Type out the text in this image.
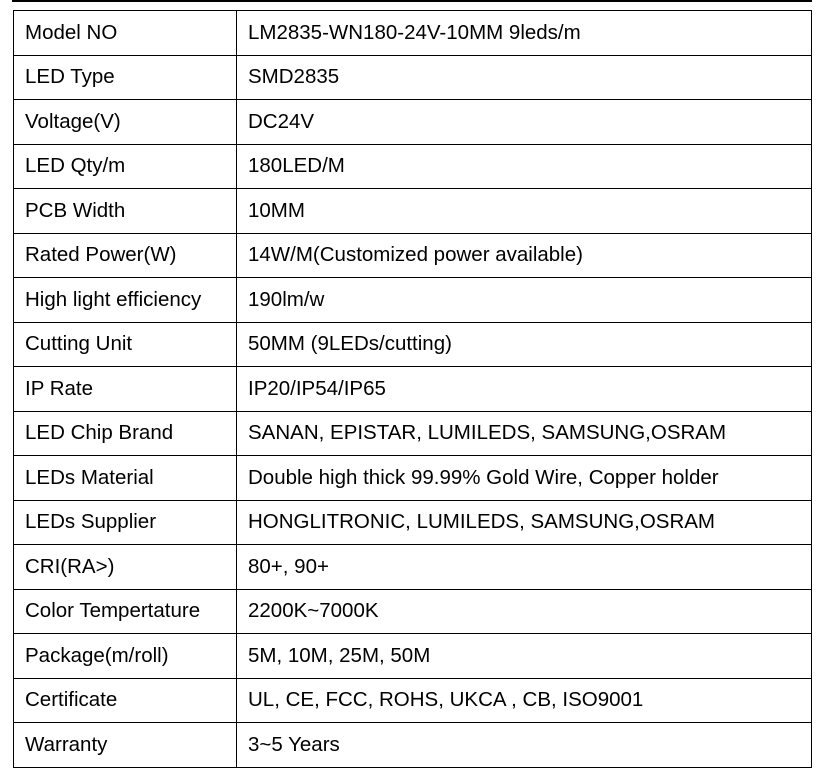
Model NO	LM2835-WN180-24V-10MM 9leds/m
LED Type	SMD2835
Voltage(V)	DC24V
LED Qty/m	180LED/M
PCB Width	10MM
Rated Power(W)	14W/M(Customized power available)
High light efficiency	190lm/w
Cutting Unit	50MM (9LEDs/cutting)
IP Rate	IP20/IP54/IP65
LED Chip Brand	SANAN, EPISTAR, LUMILEDS, SAMSUNG,OSRAM
LEDs Material	Double high thick 99.99% Gold Wire, Copper holder
LEDs Supplier	HONGLITRONIC, LUMILEDS, SAMSUNG,OSRAM
CRI(RA>)	80+, 90+
Color Tempertature	2200K~7000K
Package(m/roll)	5M, 10M, 25M, 50M
Certificate	UL, CE, FCC, ROHS, UKCA , CB, ISO9001
Warranty	3~5 Years
